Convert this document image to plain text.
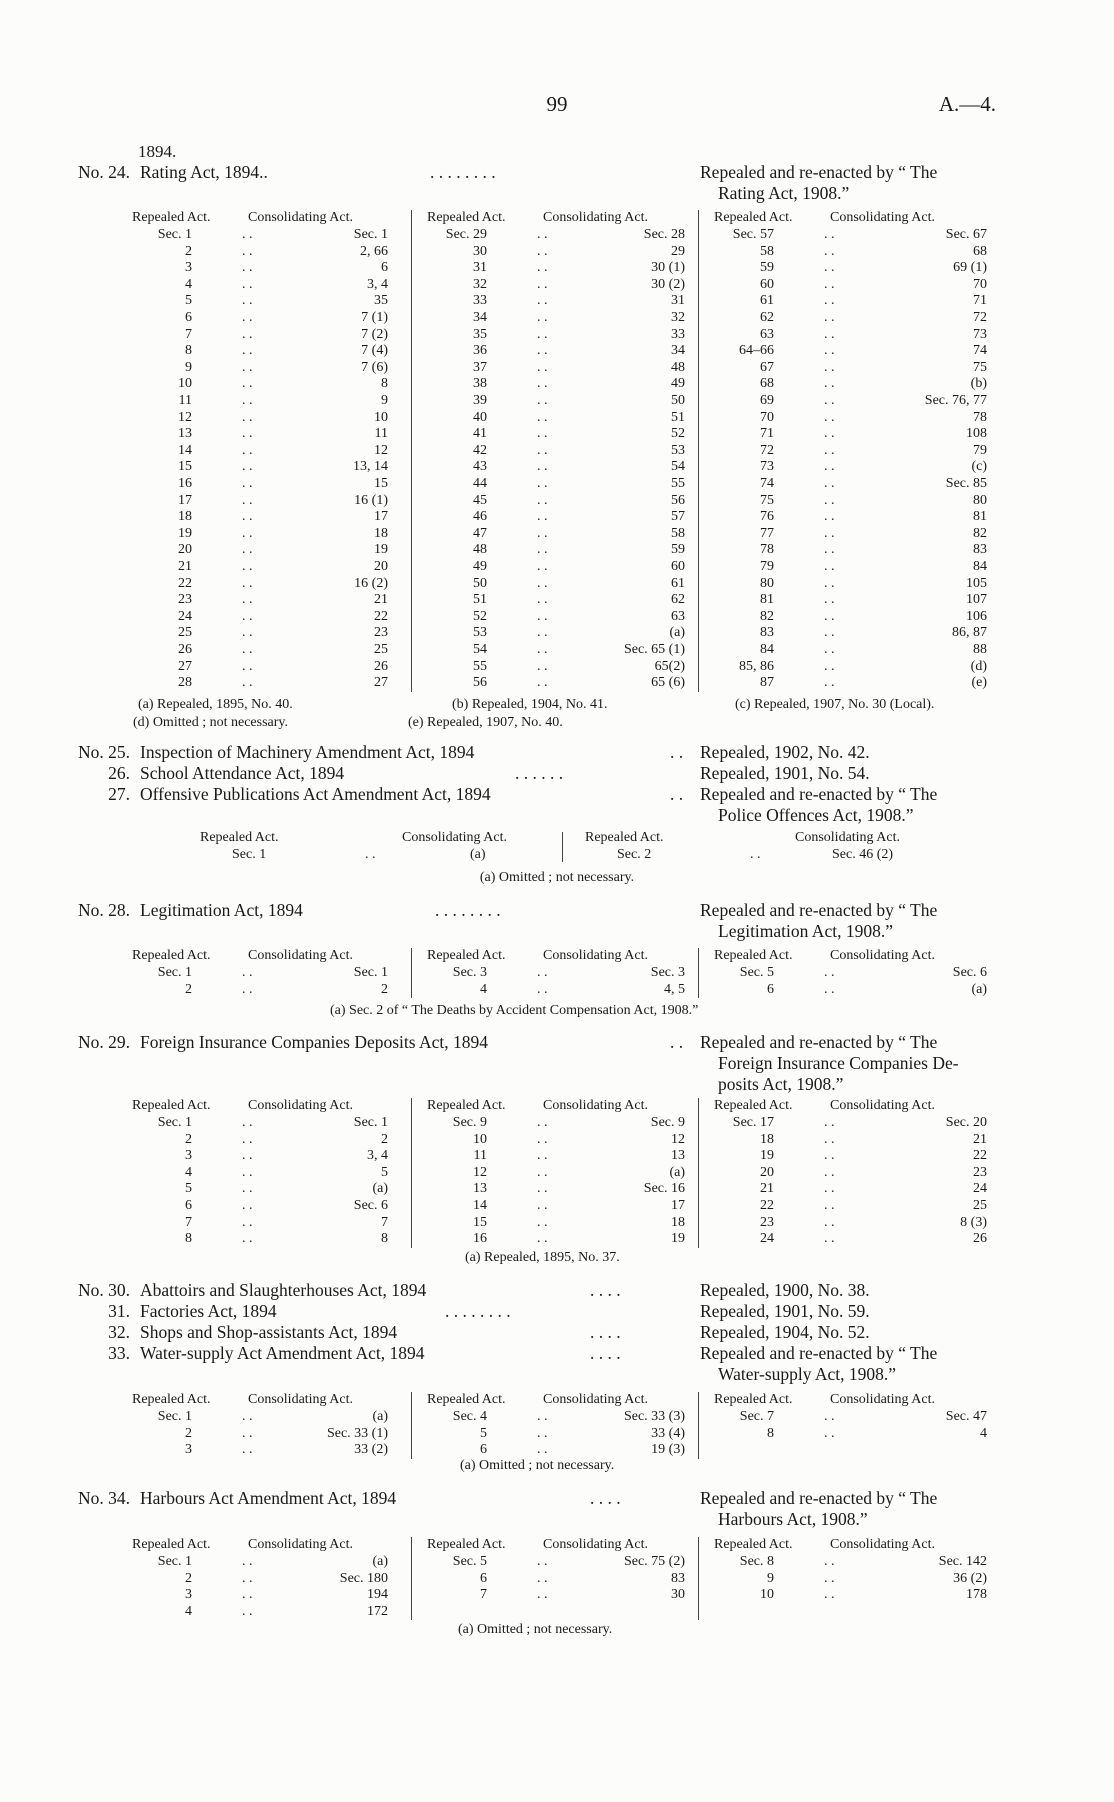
99	A.—4.
1894.
No. 24. Rating Act, 1894..	. . . . . . . .	Repealed and re-enacted by “ The
Rating Act, 1908.”
Repealed Act.	Consolidating Act.
Sec. 1	. .	Sec. 1
2	. .	2, 66
3	. .	6
4	. .	3, 4
5	. .	35
6	. .	7 (1)
7	. .	7 (2)
8	. .	7 (4)
9	. .	7 (6)
10	. .	8
11	. .	9
12	. .	10
13	. .	11
14	. .	12
15	. .	13, 14
16	. .	15
17	. .	16 (1)
18	. .	17
19	. .	18
20	. .	19
21	. .	20
22	. .	16 (2)
23	. .	21
24	. .	22
25	. .	23
26	. .	25
27	. .	26
28	. .	27
Repealed Act.	Consolidating Act.
Sec. 29	. .	Sec. 28
30	. .	29
31	. .	30 (1)
32	. .	30 (2)
33	. .	31
34	. .	32
35	. .	33
36	. .	34
37	. .	48
38	. .	49
39	. .	50
40	. .	51
41	. .	52
42	. .	53
43	. .	54
44	. .	55
45	. .	56
46	. .	57
47	. .	58
48	. .	59
49	. .	60
50	. .	61
51	. .	62
52	. .	63
53	. .	(a)
54	. .	Sec. 65 (1)
55	. .	65(2)
56	. .	65 (6)
Repealed Act.	Consolidating Act.
Sec. 57	. .	Sec. 67
58	. .	68
59	. .	69 (1)
60	. .	70
61	. .	71
62	. .	72
63	. .	73
64–66	. .	74
67	. .	75
68	. .	(b)
69	. .	Sec. 76, 77
70	. .	78
71	. .	108
72	. .	79
73	. .	(c)
74	. .	Sec. 85
75	. .	80
76	. .	81
77	. .	82
78	. .	83
79	. .	84
80	. .	105
81	. .	107
82	. .	106
83	. .	86, 87
84	. .	88
85, 86	. .	(d)
87	. .	(e)
(a) Repealed, 1895, No. 40.	(b) Repealed, 1904, No. 41.	(c) Repealed, 1907, No. 30 (Local).
(d) Omitted ; not necessary.	(e) Repealed, 1907, No. 40.
No. 25. Inspection of Machinery Amendment Act, 1894	. . Repealed, 1902, No. 42.
26. School Attendance Act, 1894	. . . . . .	Repealed, 1901, No. 54.
27. Offensive Publications Act Amendment Act, 1894	. . Repealed and re-enacted by “ The
Police Offences Act, 1908.”
Repealed Act.	Consolidating Act.	Repealed Act.	Consolidating Act.
Sec. 1	. .	(a)	Sec. 2	. .	Sec. 46 (2)
(a) Omitted ; not necessary.
No. 28. Legitimation Act, 1894	. . . . . . . .	Repealed and re-enacted by “ The
Legitimation Act, 1908.”
Repealed Act.	Consolidating Act.
Sec. 1	. .	Sec. 1
2	. .	2
Repealed Act.	Consolidating Act.
Sec. 3	. .	Sec. 3
4	. .	4, 5
Repealed Act.	Consolidating Act.
Sec. 5	. .	Sec. 6
6	. .	(a)
(a) Sec. 2 of “ The Deaths by Accident Compensation Act, 1908.”
No. 29. Foreign Insurance Companies Deposits Act, 1894	. . Repealed and re-enacted by “ The
Foreign Insurance Companies De-
posits Act, 1908.”
Repealed Act.	Consolidating Act.
Sec. 1	. .	Sec. 1
2	. .	2
3	. .	3, 4
4	. .	5
5	. .	(a)
6	. .	Sec. 6
7	. .	7
8	. .	8
Repealed Act.	Consolidating Act.
Sec. 9	. .	Sec. 9
10	. .	12
11	. .	13
12	. .	(a)
13	. .	Sec. 16
14	. .	17
15	. .	18
16	. .	19
Repealed Act.	Consolidating Act.
Sec. 17	. .	Sec. 20
18	. .	21
19	. .	22
20	. .	23
21	. .	24
22	. .	25
23	. .	8 (3)
24	. .	26
(a) Repealed, 1895, No. 37.
No. 30. Abattoirs and Slaughterhouses Act, 1894	. . . .	Repealed, 1900, No. 38.
31. Factories Act, 1894	. . . . . . . .	Repealed, 1901, No. 59.
32. Shops and Shop-assistants Act, 1894	. . . .	Repealed, 1904, No. 52.
33. Water-supply Act Amendment Act, 1894	. . . .	Repealed and re-enacted by “ The
Water-supply Act, 1908.”
Repealed Act.	Consolidating Act.
Sec. 1	. .	(a)
2	. .	Sec. 33 (1)
3	. .	33 (2)
Repealed Act.	Consolidating Act.
Sec. 4	. .	Sec. 33 (3)
5	. .	33 (4)
6	. .	19 (3)
Repealed Act.	Consolidating Act.
Sec. 7	. .	Sec. 47
8	. .	4
(a) Omitted ; not necessary.
No. 34. Harbours Act Amendment Act, 1894	. . . .	Repealed and re-enacted by “ The
Harbours Act, 1908.”
Repealed Act.	Consolidating Act.
Sec. 1	. .	(a)
2	. .	Sec. 180
3	. .	194
4	. .	172
Repealed Act.	Consolidating Act.
Sec. 5	. .	Sec. 75 (2)
6	. .	83
7	. .	30
Repealed Act.	Consolidating Act.
Sec. 8	. .	Sec. 142
9	. .	36 (2)
10	. .	178
(a) Omitted ; not necessary.
